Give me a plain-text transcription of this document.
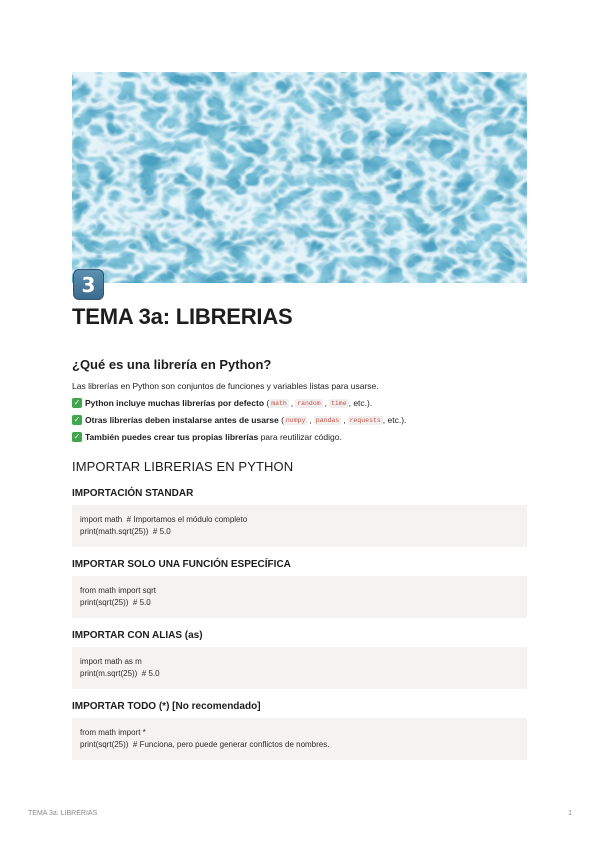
3
TEMA 3a: LIBRERIAS
¿Qué es una librería en Python?
Las librerías en Python son conjuntos de funciones y variables listas para usarse.
✓ Python incluye muchas librerías por defecto ( math , random , time , etc.).
✓ Otras librerías deben instalarse antes de usarse ( numpy , pandas , requests , etc.).
✓ También puedes crear tus propias librerías para reutilizar código.
IMPORTAR LIBRERIAS EN PYTHON
IMPORTACIÓN STANDAR
import math  # Importamos el módulo completo
print(math.sqrt(25))  # 5.0
IMPORTAR SOLO UNA FUNCIÓN ESPECÍFICA
from math import sqrt
print(sqrt(25))  # 5.0
IMPORTAR CON ALIAS (as)
import math as m
print(m.sqrt(25))  # 5.0
IMPORTAR TODO (*) [No recomendado]
from math import *
print(sqrt(25))  # Funciona, pero puede generar conflictos de nombres.
TEMA 3a: LIBRERIAS	1
